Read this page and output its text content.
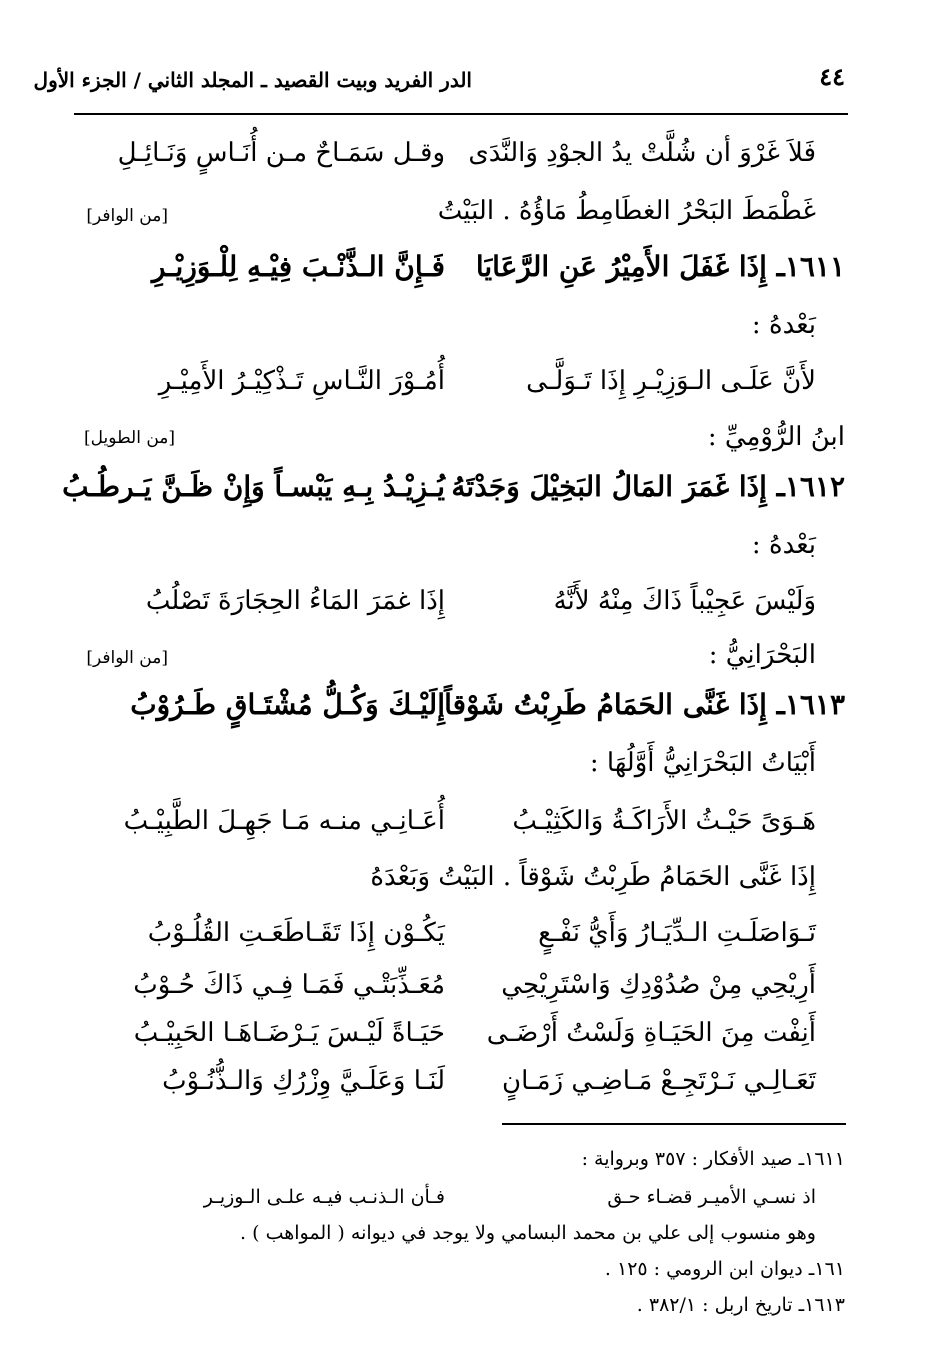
الدر الفريد وبيت القصيد ـ المجلد الثاني / الجزء الأول	٤٤
فَلاَ غَرْوَ أن شُلَّتْ يدُ الجوْدِ وَالنَّدَى
وقـل سَمَـاحٌ مـن أُنَـاسٍ وَنَـائِـلِ
غَطْمَطَ البَحْرُ الغطَامِطُ مَاؤُهُ . البَيْتُ
[من الوافر]
١٦١١ـ إِذَا غَفَلَ الأَمِيْرُ عَنِ الرَّعَايَا
فَـإِنَّ الـذَّنْـبَ فِيْـهِ لِلْـوَزِيْـرِ
بَعْدهُ :
لأَنَّ عَلَـى الـوَزِيْـرِ إِذَا تَـوَلَّـى
أُمُـوْرَ النَّـاسِ تَـذْكِيْـرُ الأَمِيْـرِ
ابنُ الرُّوْمِيِّ :
[من الطويل]
١٦١٢ـ إِذَا غَمَرَ المَالُ البَخِيْلَ وَجَدْتَهُ
يُـزِيْـدُ بِـهِ يَبْسـاً وَإِنْ ظَـنَّ يَـرطُـبُ
بَعْدهُ :
وَلَيْسَ عَجِيْباً ذَاكَ مِنْهُ لأَنَّهُ
إِذَا غمَرَ المَاءُ الحِجَارَةَ تَصْلُبُ
البَحْرَانِيُّ :
[من الوافر]
١٦١٣ـ إِذَا غَنَّى الحَمَامُ طَرِبْتُ شَوْقاً
إِلَيْـكَ وَكُـلُّ مُشْتَـاقٍ طَـرُوْبُ
أَبْيَاتُ البَحْرَانِيُّ أَوَّلُهَا :
هَـوَىً حَيْـثُ الأَرَاكَـةُ وَالكَثِيْـبُ
أُعَـانِـي منـه مَـا جَهِـلَ الطَّبِيْـبُ
إِذَا غَنَّى الحَمَامُ طَرِبْتُ شَوْقاً . البَيْتُ وَبَعْدَهُ
تَـوَاصَلَـتِ الـدِّيَـارُ وَأَيُّ نَفْـعٍ
يَكُـوْن إِذَا تَقَـاطَعَـتِ القُلُـوْبُ
أَرِيْحِي مِنْ صُدُوْدِكِ وَاسْتَرِيْحِي
مُعَـذِّبَتْـي فَمَـا فِـي ذَاكَ حُـوْبُ
أَنِفْت مِنَ الحَيَـاةِ وَلَسْتُ أَرْضَـى
حَيَـاةً لَيْـسَ يَـرْضَـاهَـا الحَبِيْـبُ
تَعَـالِـي نَـرْتَجِـعْ مَـاضِـي زَمَـانٍ
لَنَـا وَعَلَـيَّ وِزْرُكِ وَالـذُّنُـوْبُ
١٦١١ـ صيد الأفكار : ٣٥٧ وبرواية :
اذ نسـي الأميـر قضـاء حـق
فـأن الـذنـب فيـه علـى الـوزيـر
وهو منسوب إلى علي بن محمد البسامي ولا يوجد في ديوانه ( المواهب ) .
١٦١ـ ديوان ابن الرومي : ١٢٥ .
١٦١٣ـ تاريخ اربل : ٣٨٢/١ .
